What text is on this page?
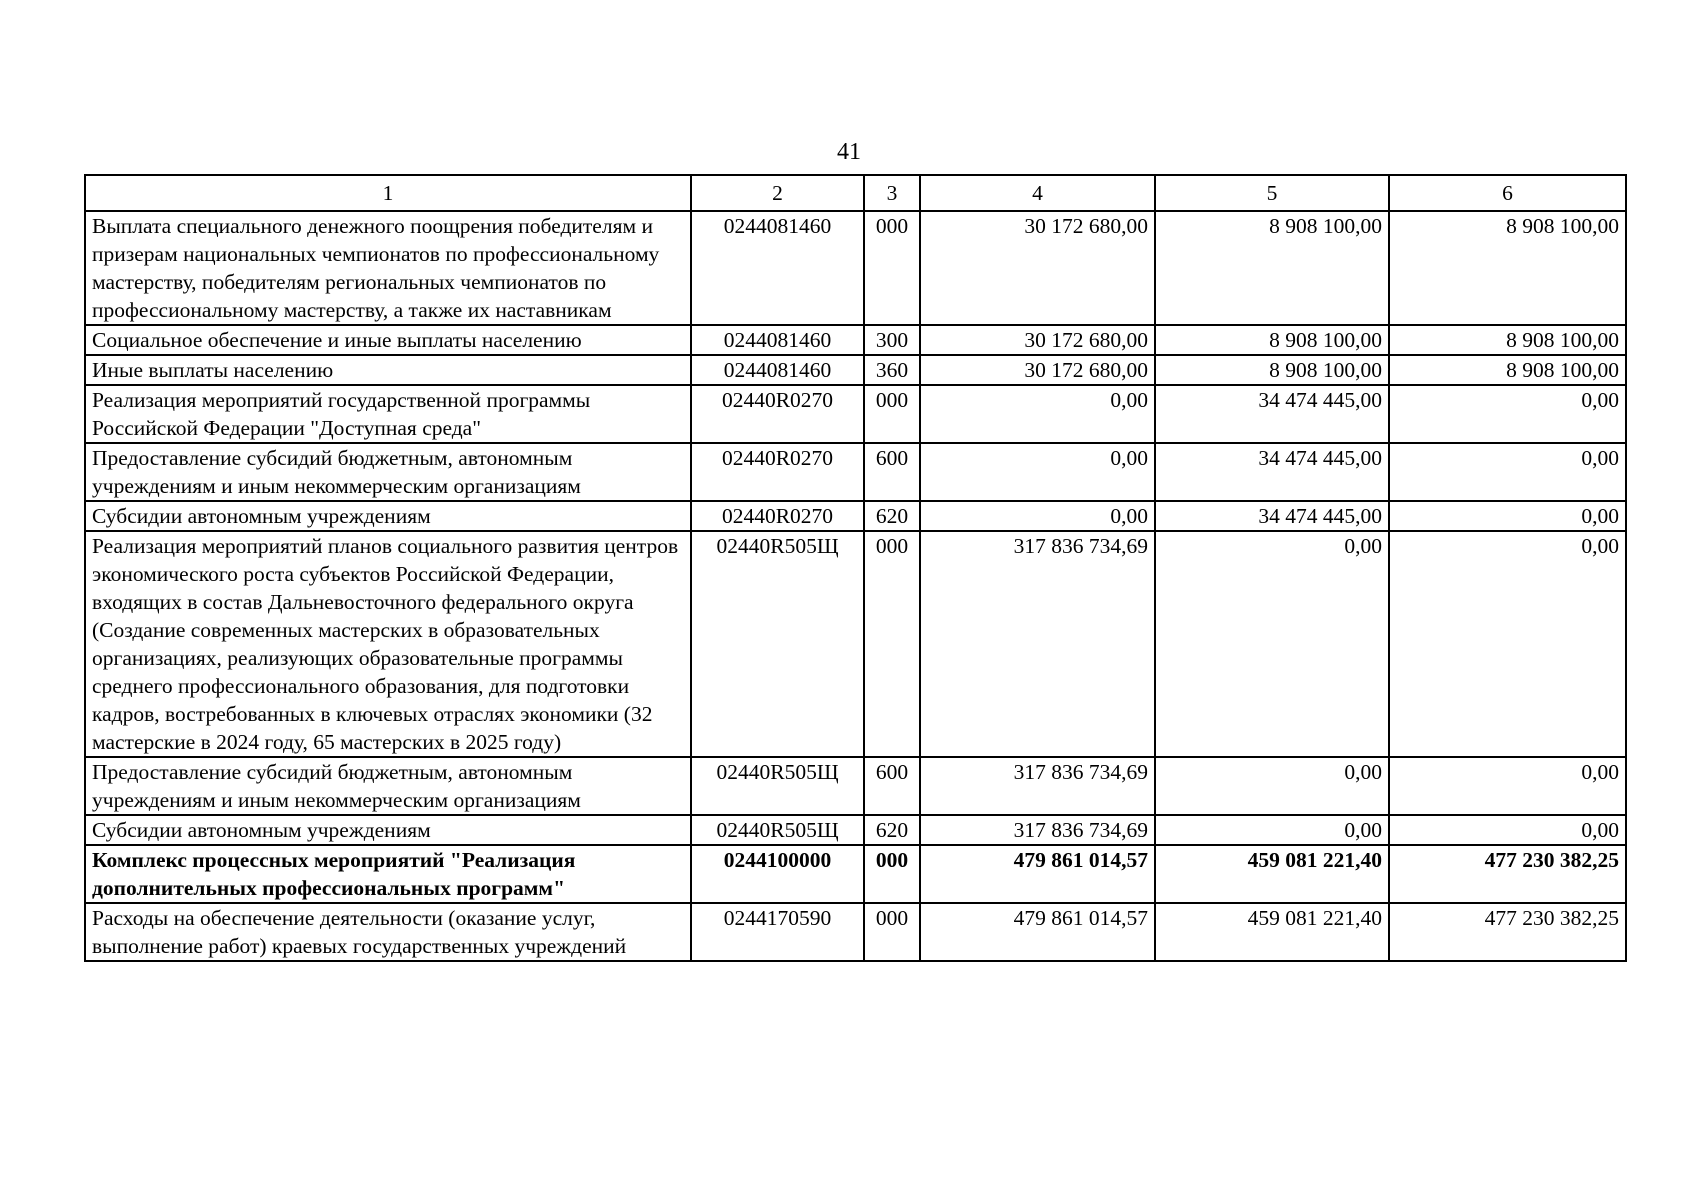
41
1	2	3	4	5	6
Выплата специального денежного поощрения победителям и призерам национальных чемпионатов по профессиональному мастерству, победителям региональных чемпионатов по профессиональному мастерству, а также их наставникам	0244081460	000	30 172 680,00	8 908 100,00	8 908 100,00
Социальное обеспечение и иные выплаты населению	0244081460	300	30 172 680,00	8 908 100,00	8 908 100,00
Иные выплаты населению	0244081460	360	30 172 680,00	8 908 100,00	8 908 100,00
Реализация мероприятий государственной программы Российской Федерации "Доступная среда"	02440R0270	000	0,00	34 474 445,00	0,00
Предоставление субсидий бюджетным, автономным учреждениям и иным некоммерческим организациям	02440R0270	600	0,00	34 474 445,00	0,00
Субсидии автономным учреждениям	02440R0270	620	0,00	34 474 445,00	0,00
Реализация мероприятий планов социального развития центров экономического роста субъектов Российской Федерации, входящих в состав Дальневосточного федерального округа (Создание современных мастерских в образовательных организациях, реализующих образовательные программы среднего профессионального образования, для подготовки кадров, востребованных в ключевых отраслях экономики (32 мастерские в 2024 году, 65 мастерских в 2025 году)	02440R505Щ	000	317 836 734,69	0,00	0,00
Предоставление субсидий бюджетным, автономным учреждениям и иным некоммерческим организациям	02440R505Щ	600	317 836 734,69	0,00	0,00
Субсидии автономным учреждениям	02440R505Щ	620	317 836 734,69	0,00	0,00
Комплекс процессных мероприятий "Реализация дополнительных профессиональных программ"	0244100000	000	479 861 014,57	459 081 221,40	477 230 382,25
Расходы на обеспечение деятельности (оказание услуг, выполнение работ) краевых государственных учреждений	0244170590	000	479 861 014,57	459 081 221,40	477 230 382,25
